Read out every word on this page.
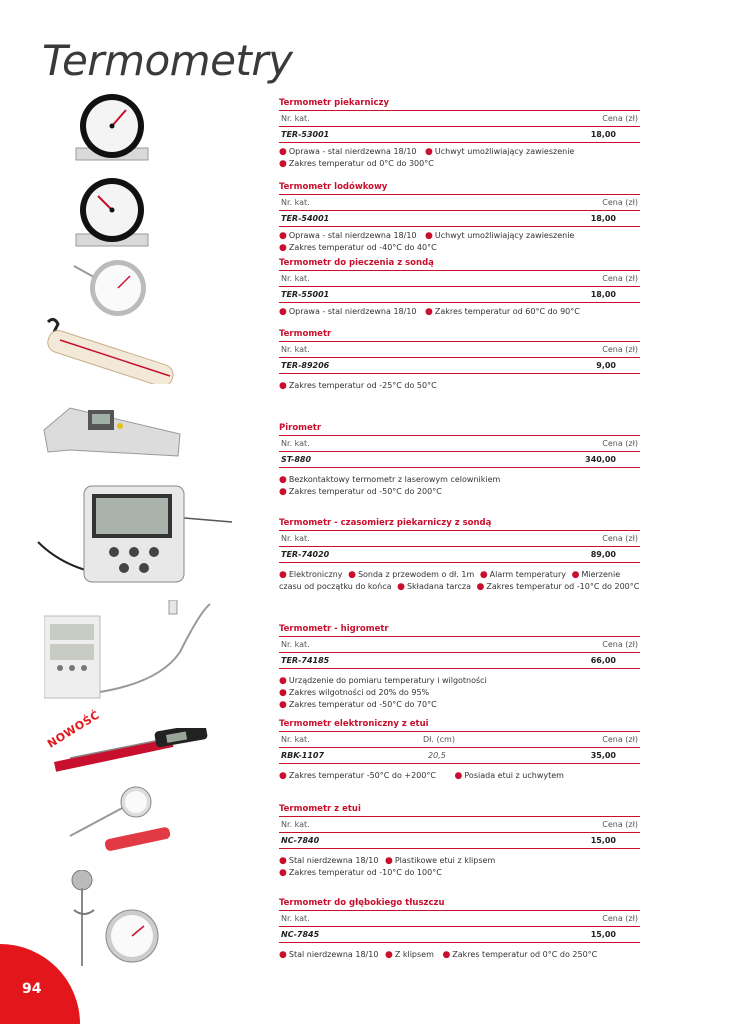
Termometry
NOWOŚĆ
Termometr piekarniczy
Nr. kat.	Cena (zł)
TER-53001	18,00
● Oprawa - stal nierdzewna 18/10 ● Uchwyt umożliwiający zawieszenie
● Zakres temperatur od 0°C do 300°C
Termometr lodówkowy
Nr. kat.	Cena (zł)
TER-54001	18,00
● Oprawa - stal nierdzewna 18/10 ● Uchwyt umożliwiający zawieszenie
● Zakres temperatur od -40°C do 40°C
Termometr do pieczenia z sondą
Nr. kat.	Cena (zł)
TER-55001	18,00
● Oprawa - stal nierdzewna 18/10 ● Zakres temperatur od 60°C do 90°C
Termometr
Nr. kat.	Cena (zł)
TER-89206	9,00
● Zakres temperatur od -25°C do 50°C
Pirometr
Nr. kat.	Cena (zł)
ST-880	340,00
● Bezkontaktowy termometr z laserowym celownikiem ● Zakres temperatur od -50°C do 200°C
Termometr - czasomierz piekarniczy z sondą
Nr. kat.	Cena (zł)
TER-74020	89,00
● Elektroniczny ● Sonda z przewodem o dł. 1m ● Alarm temperatury ● Mierzenie czasu od początku do końca ● Składana tarcza ● Zakres temperatur od -10°C do 200°C
Termometr - higrometr
Nr. kat.	Cena (zł)
TER-74185	66,00
● Urządzenie do pomiaru temperatury i wilgotności ● Zakres wilgotności od 20% do 95%
● Zakres temperatur od -50°C do 70°C
Termometr elektroniczny z etui
Nr. kat.	Dł. (cm)	Cena (zł)
RBK-1107	20,5	35,00
● Zakres temperatur -50°C do +200°C ● Posiada etui z uchwytem
Termometr z etui
Nr. kat.	Cena (zł)
NC-7840	15,00
● Stal nierdzewna 18/10 ● Plastikowe etui z klipsem ● Zakres temperatur od -10°C do 100°C
Termometr do głębokiego tłuszczu
Nr. kat.	Cena (zł)
NC-7845	15,00
● Stal nierdzewna 18/10 ● Z klipsem ● Zakres temperatur od 0°C do 250°C
94
